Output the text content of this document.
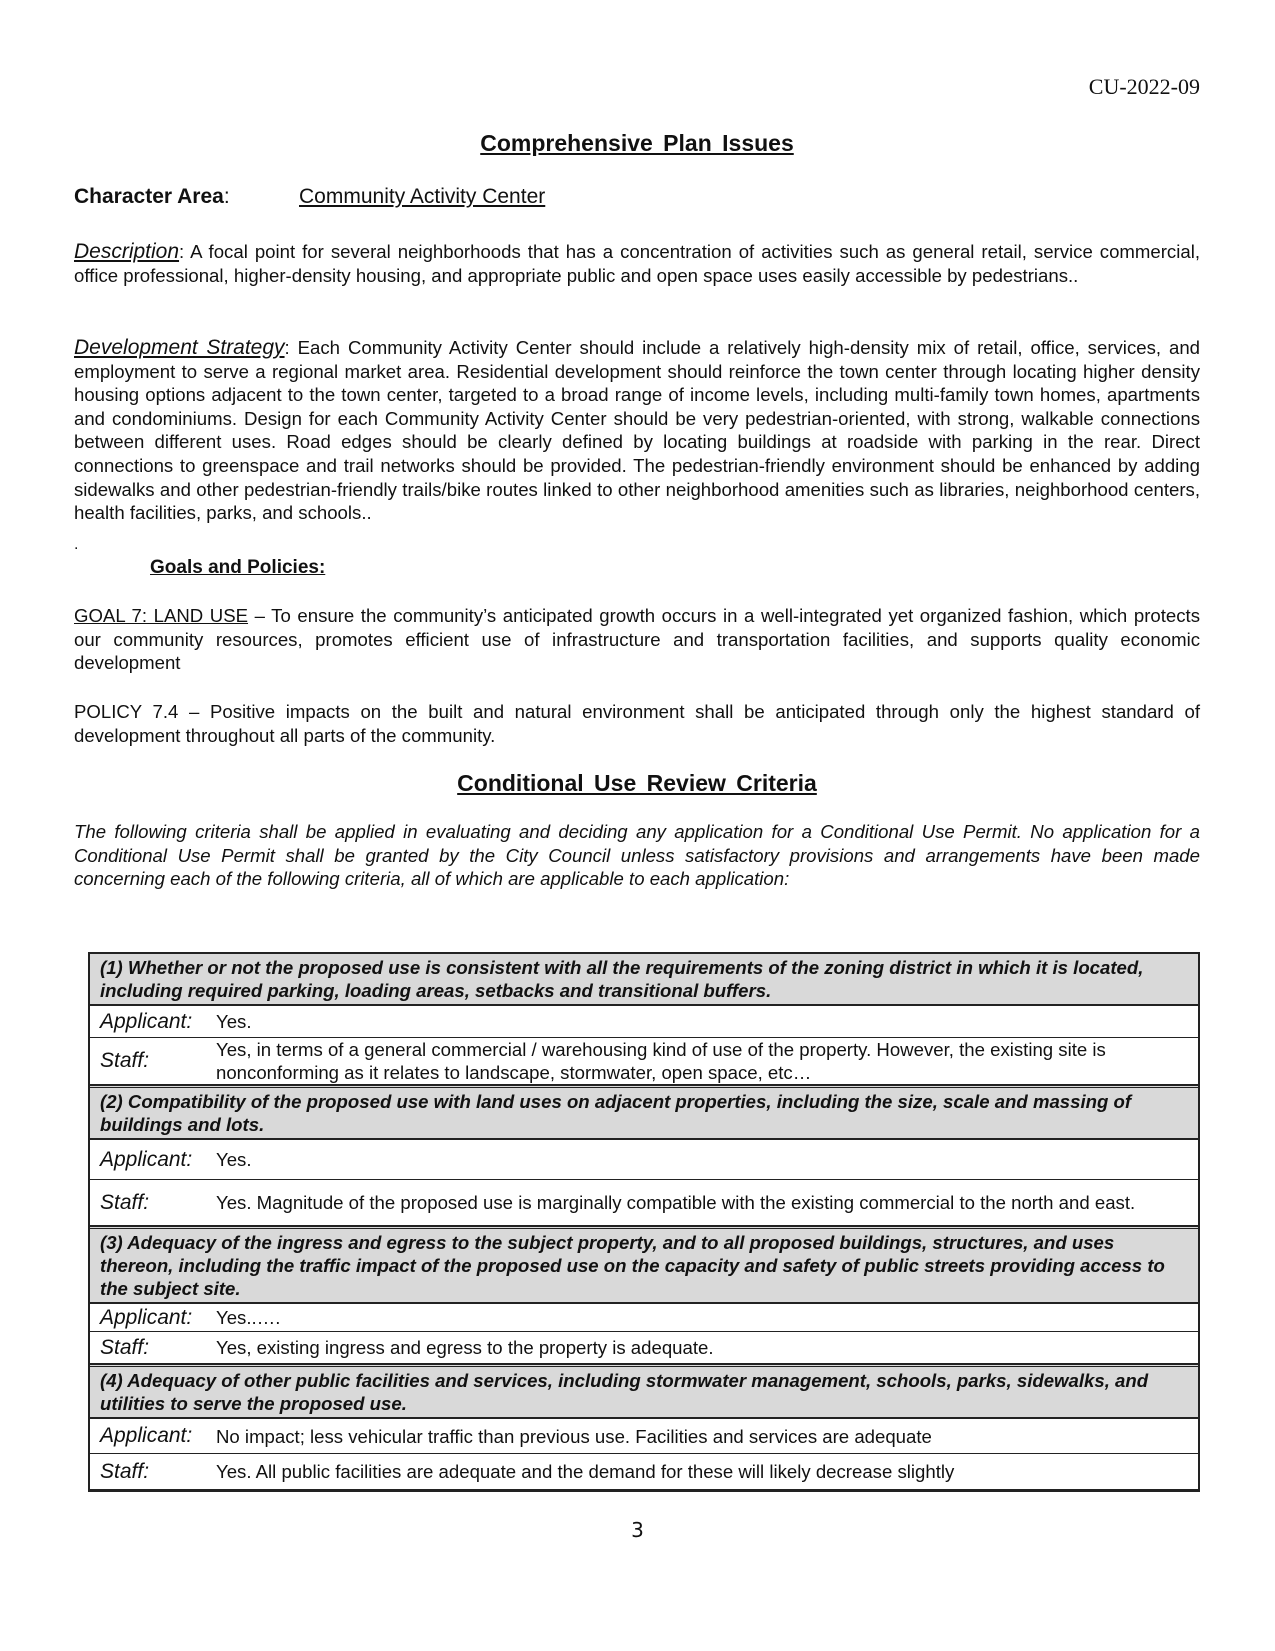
CU-2022-09
Comprehensive Plan Issues
Character Area:	Community Activity Center

Description: A focal point for several neighborhoods that has a concentration of activities such as general retail, service commercial, office professional, higher-density housing, and appropriate public and open space uses easily accessible by pedestrians..

Development Strategy: Each Community Activity Center should include a relatively high-density mix of retail, office, services, and employment to serve a regional market area. Residential development should reinforce the town center through locating higher density housing options adjacent to the town center, targeted to a broad range of income levels, including multi-family town homes, apartments and condominiums. Design for each Community Activity Center should be very pedestrian-oriented, with strong, walkable connections between different uses. Road edges should be clearly defined by locating buildings at roadside with parking in the rear. Direct connections to greenspace and trail networks should be provided. The pedestrian-friendly environment should be enhanced by adding sidewalks and other pedestrian-friendly trails/bike routes linked to other neighborhood amenities such as libraries, neighborhood centers, health facilities, parks, and schools..

.
Goals and Policies:

GOAL 7: LAND USE – To ensure the community’s anticipated growth occurs in a well-integrated yet organized fashion, which protects our community resources, promotes efficient use of infrastructure and transportation facilities, and supports quality economic development

POLICY 7.4 – Positive impacts on the built and natural environment shall be anticipated through only the highest standard of development throughout all parts of the community.

Conditional Use Review Criteria

The following criteria shall be applied in evaluating and deciding any application for a Conditional Use Permit. No application for a Conditional Use Permit shall be granted by the City Council unless satisfactory provisions and arrangements have been made concerning each of the following criteria, all of which are applicable to each application:

(1) Whether or not the proposed use is consistent with all the requirements of the zoning district in which it is located, including required parking, loading areas, setbacks and transitional buffers.	
Applicant:	Yes.
Staff:	Yes, in terms of a general commercial / warehousing kind of use of the property. However, the existing site is nonconforming as it relates to landscape, stormwater, open space, etc…
(2) Compatibility of the proposed use with land uses on adjacent properties, including the size, scale and massing of buildings and lots.	
Applicant:	Yes.
Staff:	Yes. Magnitude of the proposed use is marginally compatible with the existing commercial to the north and east.
(3) Adequacy of the ingress and egress to the subject property, and to all proposed buildings, structures, and uses thereon, including the traffic impact of the proposed use on the capacity and safety of public streets providing access to the subject site.	
Applicant:	Yes..….
Staff:	Yes, existing ingress and egress to the property is adequate.
(4) Adequacy of other public facilities and services, including stormwater management, schools, parks, sidewalks, and utilities to serve the proposed use.	
Applicant:	No impact; less vehicular traffic than previous use. Facilities and services are adequate
Staff:	Yes. All public facilities are adequate and the demand for these will likely decrease slightly
3
